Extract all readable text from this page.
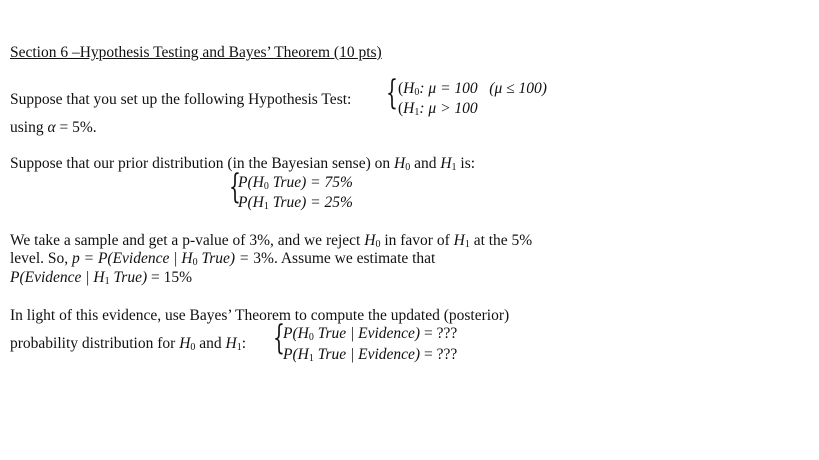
Section 6 –Hypothesis Testing and Bayes’ Theorem (10 pts)
Suppose that you set up the following Hypothesis Test: { ($H_0$: μ = 100 (μ ≤ 100)
($H_1$: μ > 100
using α = 5%.
Suppose that our prior distribution (in the Bayesian sense) on $H_0$ and $H_1$ is:
{
$P(H_0$ True) = 75%
$P(H_1$ True) = 25%
We take a sample and get a p-value of 3%, and we reject $H_0$ in favor of $H_1$ at the 5%
level. So, p = P(Evidence | $H_0$ True) = 3%. Assume we estimate that
P(Evidence | $H_1$ True) = 15%
In light of this evidence, use Bayes’ Theorem to compute the updated (posterior)
probability distribution for $H_0$ and $H_1$: {
$P(H_0$ True | Evidence) = ???
$P(H_1$ True | Evidence) = ???
